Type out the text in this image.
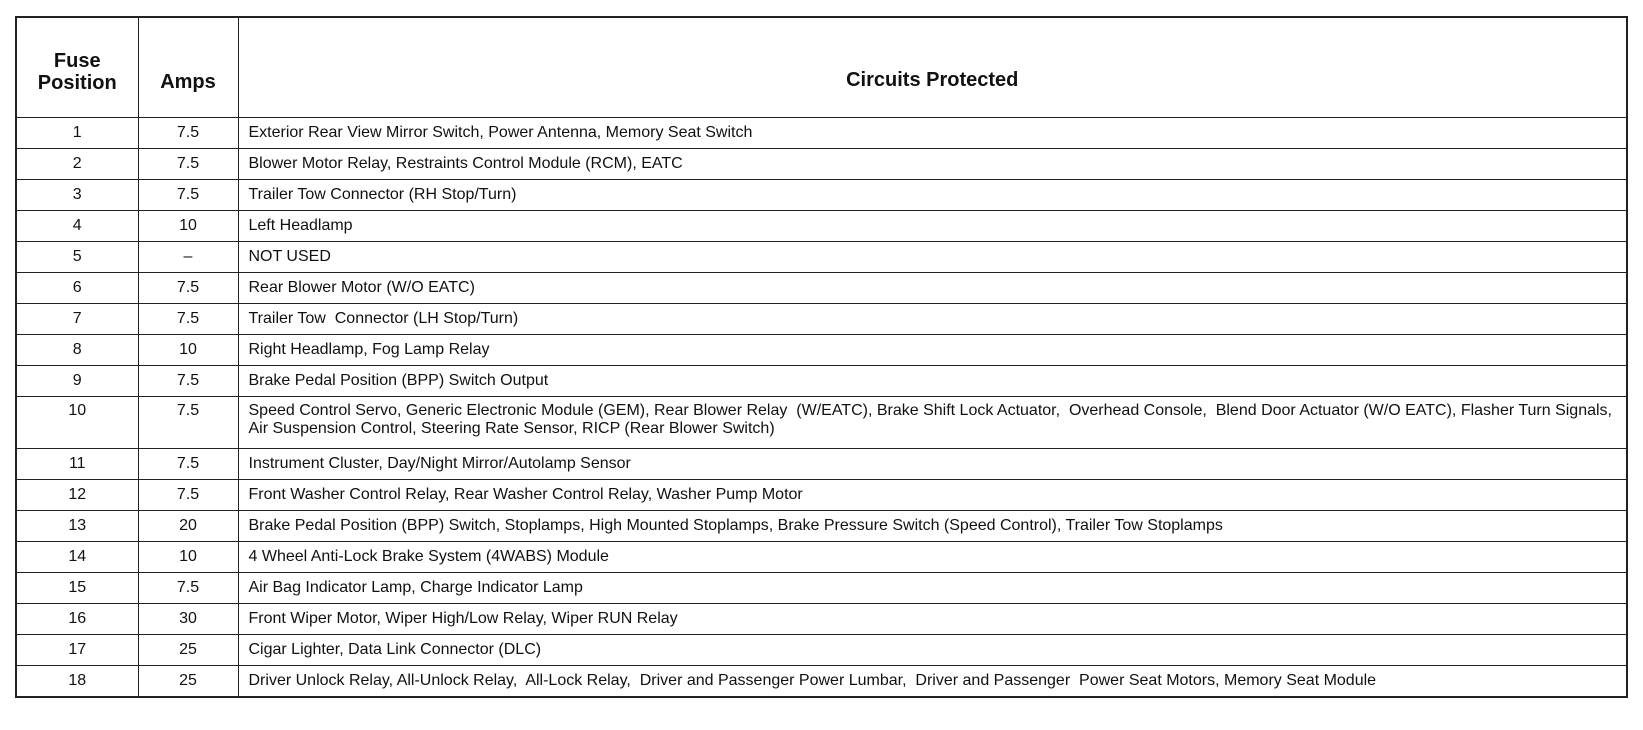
Fuse
Position	Amps	Circuits Protected
1	7.5	Exterior Rear View Mirror Switch, Power Antenna, Memory Seat Switch
2	7.5	Blower Motor Relay, Restraints Control Module (RCM), EATC
3	7.5	Trailer Tow Connector (RH Stop/Turn)
4	10	Left Headlamp
5	–	NOT USED
6	7.5	Rear Blower Motor (W/O EATC)
7	7.5	Trailer Tow  Connector (LH Stop/Turn)
8	10	Right Headlamp, Fog Lamp Relay
9	7.5	Brake Pedal Position (BPP) Switch Output
10	7.5	Speed Control Servo, Generic Electronic Module (GEM), Rear Blower Relay  (W/EATC), Brake Shift Lock Actuator,  Overhead Console,  Blend Door Actuator (W/O EATC), Flasher Turn Signals, Air Suspension Control, Steering Rate Sensor, RICP (Rear Blower Switch)
11	7.5	Instrument Cluster, Day/Night Mirror/Autolamp Sensor
12	7.5	Front Washer Control Relay, Rear Washer Control Relay, Washer Pump Motor
13	20	Brake Pedal Position (BPP) Switch, Stoplamps, High Mounted Stoplamps, Brake Pressure Switch (Speed Control), Trailer Tow Stoplamps
14	10	4 Wheel Anti-Lock Brake System (4WABS) Module
15	7.5	Air Bag Indicator Lamp, Charge Indicator Lamp
16	30	Front Wiper Motor, Wiper High/Low Relay, Wiper RUN Relay
17	25	Cigar Lighter, Data Link Connector (DLC)
18	25	Driver Unlock Relay, All-Unlock Relay,  All-Lock Relay,  Driver and Passenger Power Lumbar,  Driver and Passenger  Power Seat Motors, Memory Seat Module
